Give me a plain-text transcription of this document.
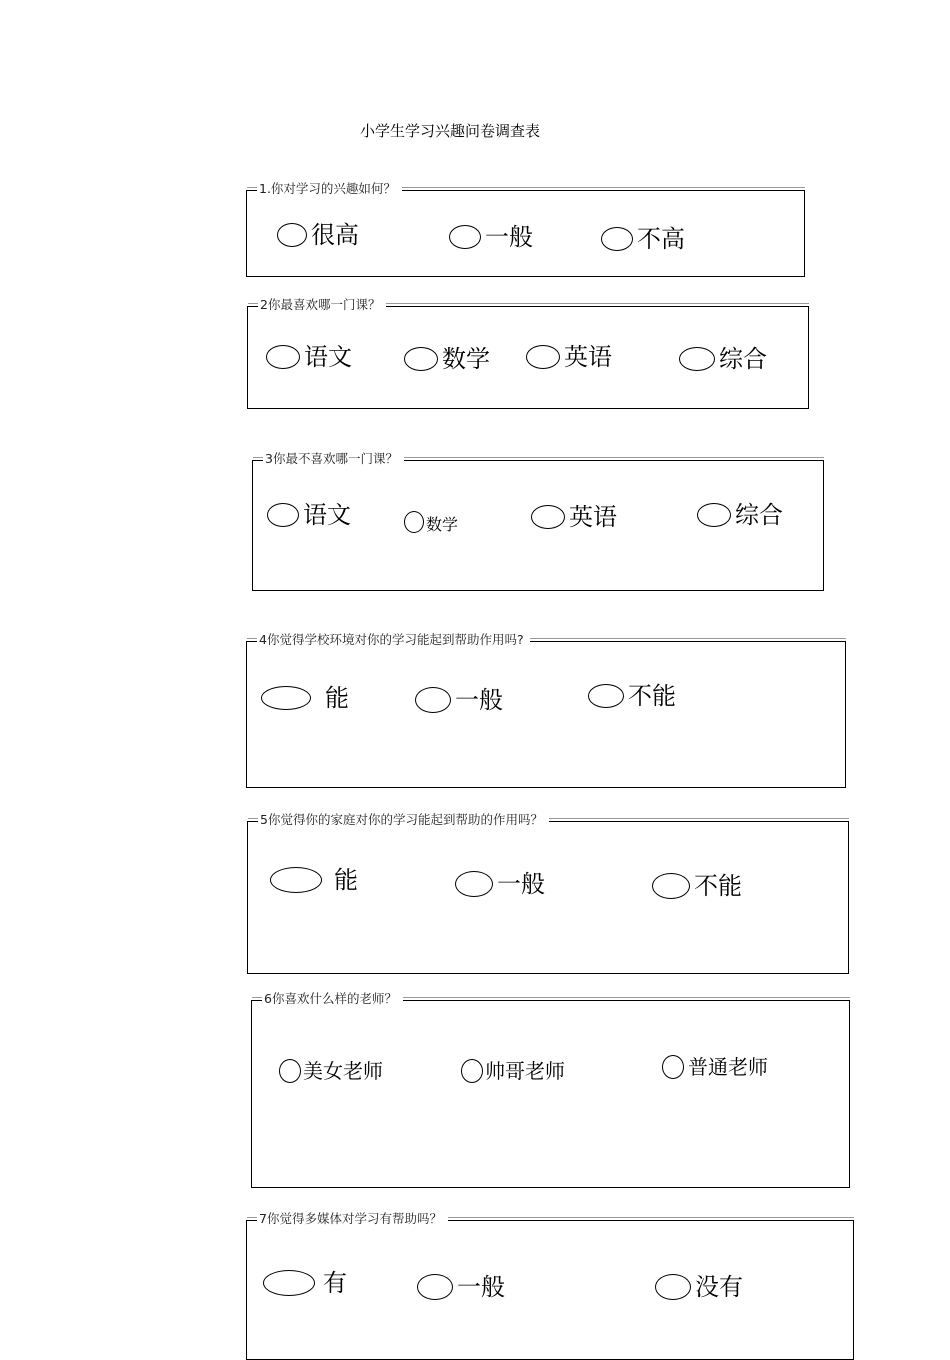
小学生学习兴趣问卷调查表
1.你对学习的兴趣如何？
很高	一般	不高
2你最喜欢哪一门课？
语文	数学	英语	综合
3你最不喜欢哪一门课？
语文	数学	英语	综合
4你觉得学校环境对你的学习能起到帮助作用吗?
能	一般	不能
5你觉得你的家庭对你的学习能起到帮助的作用吗？
能	一般	不能
6你喜欢什么样的老师？
美女老师	帅哥老师	普通老师
7你觉得多媒体对学习有帮助吗？
有	一般	没有
